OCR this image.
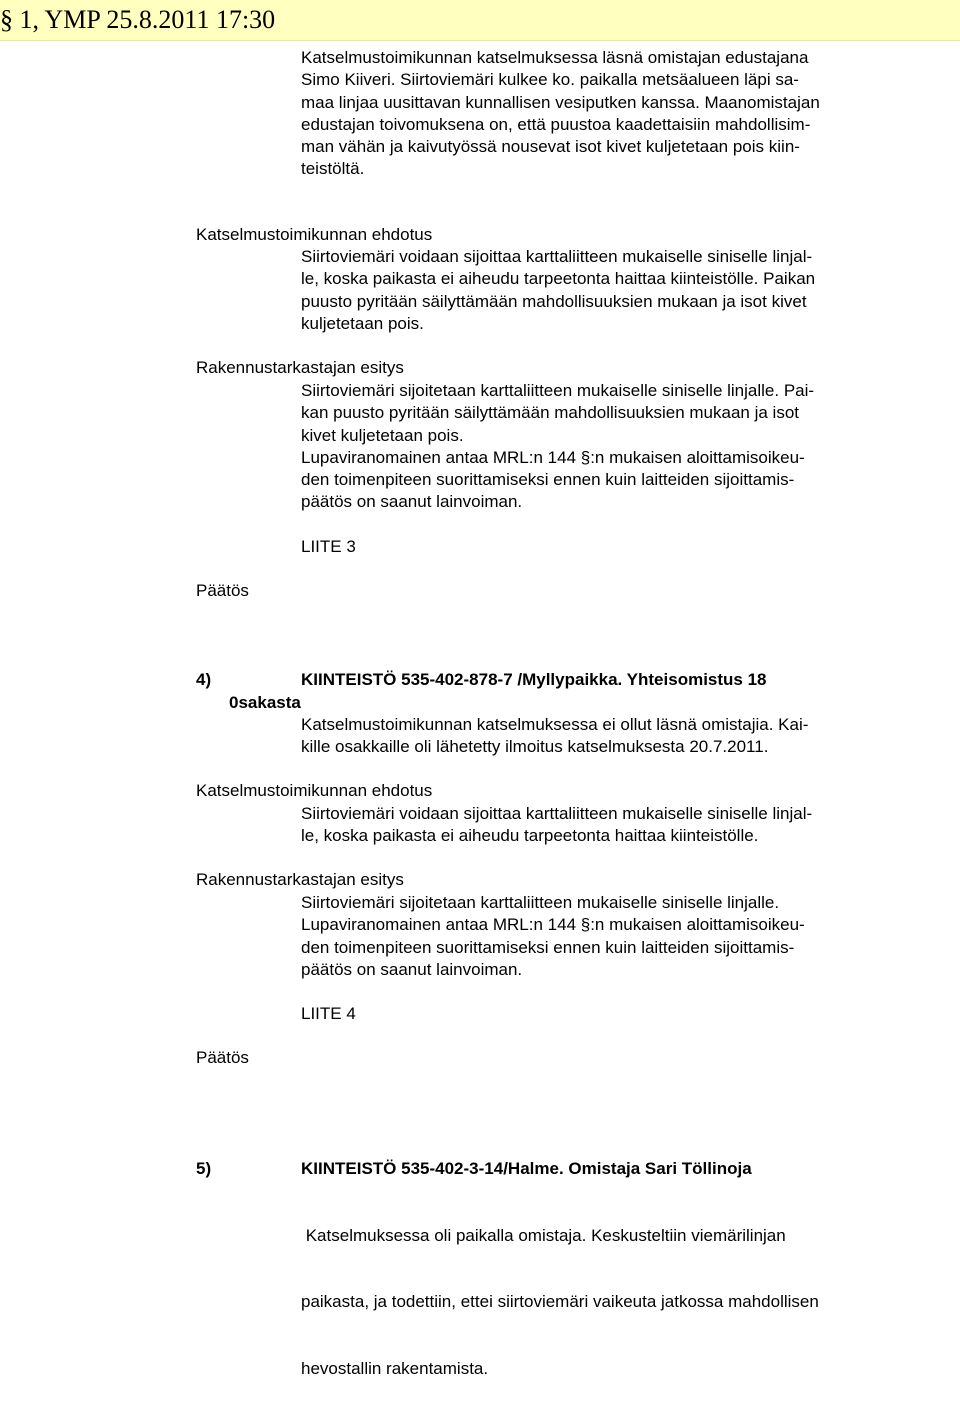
§ 1, YMP 25.8.2011 17:30
Katselmustoimikunnan katselmuksessa läsnä omistajan edustajana
Simo Kiiveri. Siirtoviemäri kulkee ko. paikalla metsäalueen läpi sa-
maa linjaa uusittavan kunnallisen vesiputken kanssa. Maanomistajan
edustajan toivomuksena on, että puustoa kaadettaisiin mahdollisim-
man vähän ja kaivutyössä nousevat isot kivet kuljetetaan pois kiin-
teistöltä.
Katselmustoimikunnan ehdotus
Siirtoviemäri voidaan sijoittaa karttaliitteen mukaiselle siniselle linjal-
le, koska paikasta ei aiheudu tarpeetonta haittaa kiinteistölle. Paikan
puusto pyritään säilyttämään mahdollisuuksien mukaan ja isot kivet
kuljetetaan pois.
Rakennustarkastajan esitys
Siirtoviemäri sijoitetaan karttaliitteen mukaiselle siniselle linjalle. Pai-
kan puusto pyritään säilyttämään mahdollisuuksien mukaan ja isot
kivet kuljetetaan pois.
Lupaviranomainen antaa MRL:n 144 §:n mukaisen aloittamisoikeu-
den toimenpiteen suorittamiseksi ennen kuin laitteiden sijoittamis-
päätös on saanut lainvoiman.
LIITE 3
Päätös
4)	KIINTEISTÖ 535-402-878-7 /Myllypaikka. Yhteisomistus 18
0sakasta
Katselmustoimikunnan katselmuksessa ei ollut läsnä omistajia. Kai-
kille osakkaille oli lähetetty ilmoitus katselmuksesta 20.7.2011.
Katselmustoimikunnan ehdotus
Siirtoviemäri voidaan sijoittaa karttaliitteen mukaiselle siniselle linjal-
le, koska paikasta ei aiheudu tarpeetonta haittaa kiinteistölle.
Rakennustarkastajan esitys
Siirtoviemäri sijoitetaan karttaliitteen mukaiselle siniselle linjalle.
Lupaviranomainen antaa MRL:n 144 §:n mukaisen aloittamisoikeu-
den toimenpiteen suorittamiseksi ennen kuin laitteiden sijoittamis-
päätös on saanut lainvoiman.
LIITE 4
Päätös
5)	KIINTEISTÖ 535-402-3-14/Halme. Omistaja Sari Töllinoja

Katselmuksessa oli paikalla omistaja. Keskusteltiin viemärilinjan

paikasta, ja todettiin, ettei siirtoviemäri vaikeuta jatkossa mahdollisen

hevostallin rakentamista.
